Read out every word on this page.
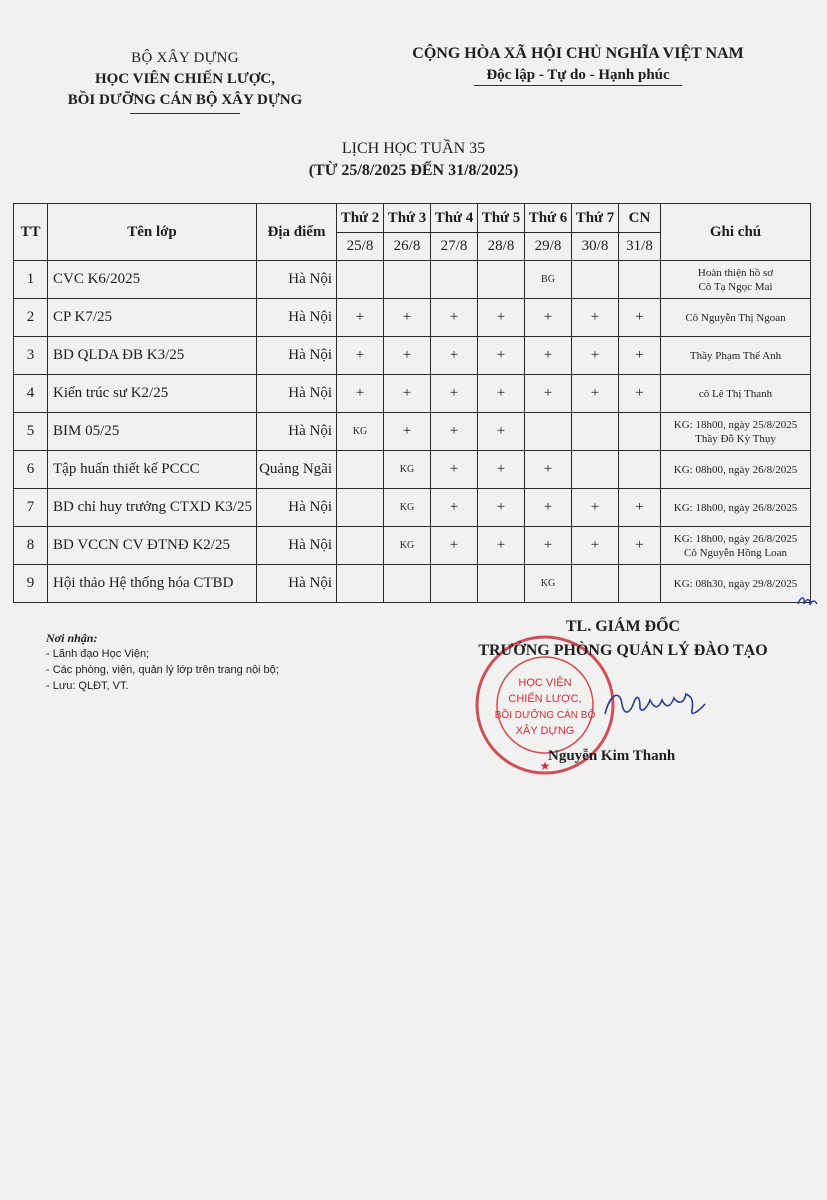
BỘ XÂY DỰNG
HỌC VIÊN CHIẾN LƯỢC,
BỒI DƯỠNG CÁN BỘ XÂY DỰNG
CỘNG HÒA XÃ HỘI CHỦ NGHĨA VIỆT NAM
Độc lập - Tự do - Hạnh phúc
LỊCH HỌC TUẦN 35
(TỪ 25/8/2025 ĐẾN 31/8/2025)
TT	Tên lớp	Địa điểm	Thứ 2	Thứ 3	Thứ 4	Thứ 5	Thứ 6	Thứ 7	CN	Ghi chú
			25/8	26/8	27/8	28/8	29/8	30/8	31/8	
1	CVC K6/2025	Hà Nội					BG			Hoàn thiện hồ sơ
Cô Tạ Ngọc Mai

2	CP K7/25	Hà Nội	+	+	+	+	+	+	+	Cô Nguyễn Thị Ngoan

3	BD QLDA ĐB K3/25	Hà Nội	+	+	+	+	+	+	+	Thầy Phạm Thế Anh

4	Kiến trúc sư K2/25	Hà Nội	+	+	+	+	+	+	+	cô Lê Thị Thanh

5	BIM 05/25	Hà Nội	KG	+	+	+				KG: 18h00, ngày 25/8/2025
Thầy Đỗ Kỳ Thụy

6	Tập huấn thiết kế PCCC	Quảng Ngãi		KG	+	+	+			KG: 08h00, ngày 26/8/2025

7	BD chỉ huy trưởng CTXD K3/25	Hà Nội		KG	+	+	+	+	+	KG: 18h00, ngày 26/8/2025

8	BD VCCN CV ĐTNĐ K2/25	Hà Nội		KG	+	+	+	+	+	KG: 18h00, ngày 26/8/2025
Cô Nguyễn Hồng Loan

9	Hội thảo Hệ thống hóa CTBD	Hà Nội					KG			KG: 08h30, ngày 29/8/2025
Nơi nhận:
- Lãnh đạo Học Viện;
- Các phòng, viện, quản lý lớp trên trang nội bộ;
- Lưu: QLĐT, VT.	HỌC VIỆN
CHIẾN LƯỢC,
BỒI DƯỠNG CÁN BỘ
XÂY DỰNG
★
TL. GIÁM ĐỐC
TRƯỞNG PHÒNG QUẢN LÝ ĐÀO TẠO
Nguyễn Kim Thanh
